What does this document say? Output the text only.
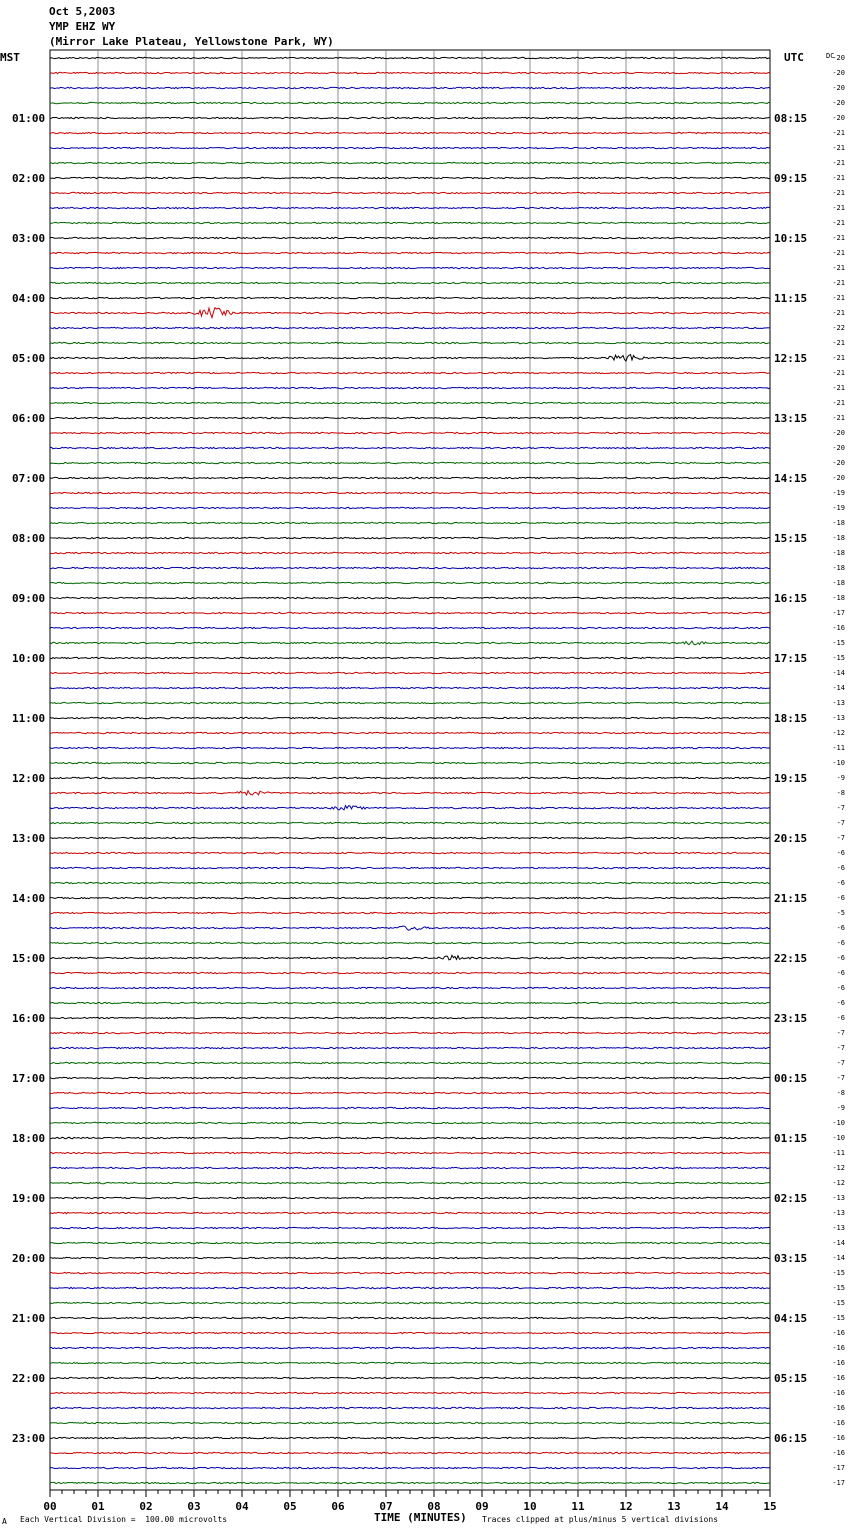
Oct 5,2003
YMP EHZ WY
(Mirror Lake Plateau, Yellowstone Park, WY)
MST	UTC	DC
01:00
02:00
03:00
04:00
05:00
06:00
07:00
08:00
09:00
10:00
11:00
12:00
13:00
14:00
15:00
16:00
17:00
18:00
19:00
20:00
21:00
22:00
23:00
08:15
09:15
10:15
11:15
12:15
13:15
14:15
15:15
16:15
17:15
18:15
19:15
20:15
21:15
22:15
23:15
00:15
01:15
02:15
03:15
04:15
05:15
06:15
-20
-20
-20
-20
-20
-21
-21
-21
-21
-21
-21
-21
-21
-21
-21
-21
-21
-21
-22
-21
-21
-21
-21
-21
-21
-20
-20
-20
-20
-19
-19
-18
-18
-18
-18
-18
-18
-17
-16
-15
-15
-14
-14
-13
-13
-12
-11
-10
-9
-8
-7
-7
-7
-6
-6
-6
-6
-5
-6
-6
-6
-6
-6
-6
-6
-7
-7
-7
-7
-8
-9
-10
-10
-11
-12
-12
-13
-13
-13
-14
-14
-15
-15
-15
-15
-16
-16
-16
-16
-16
-16
-16
-16
-16
-17
-17
00	01	02	03	04	05	06	07	08	09	10	11	12	13	14	15
A Each Vertical Division =  100.00 microvolts	TIME (MINUTES) Traces clipped at plus/minus 5 vertical divisions
